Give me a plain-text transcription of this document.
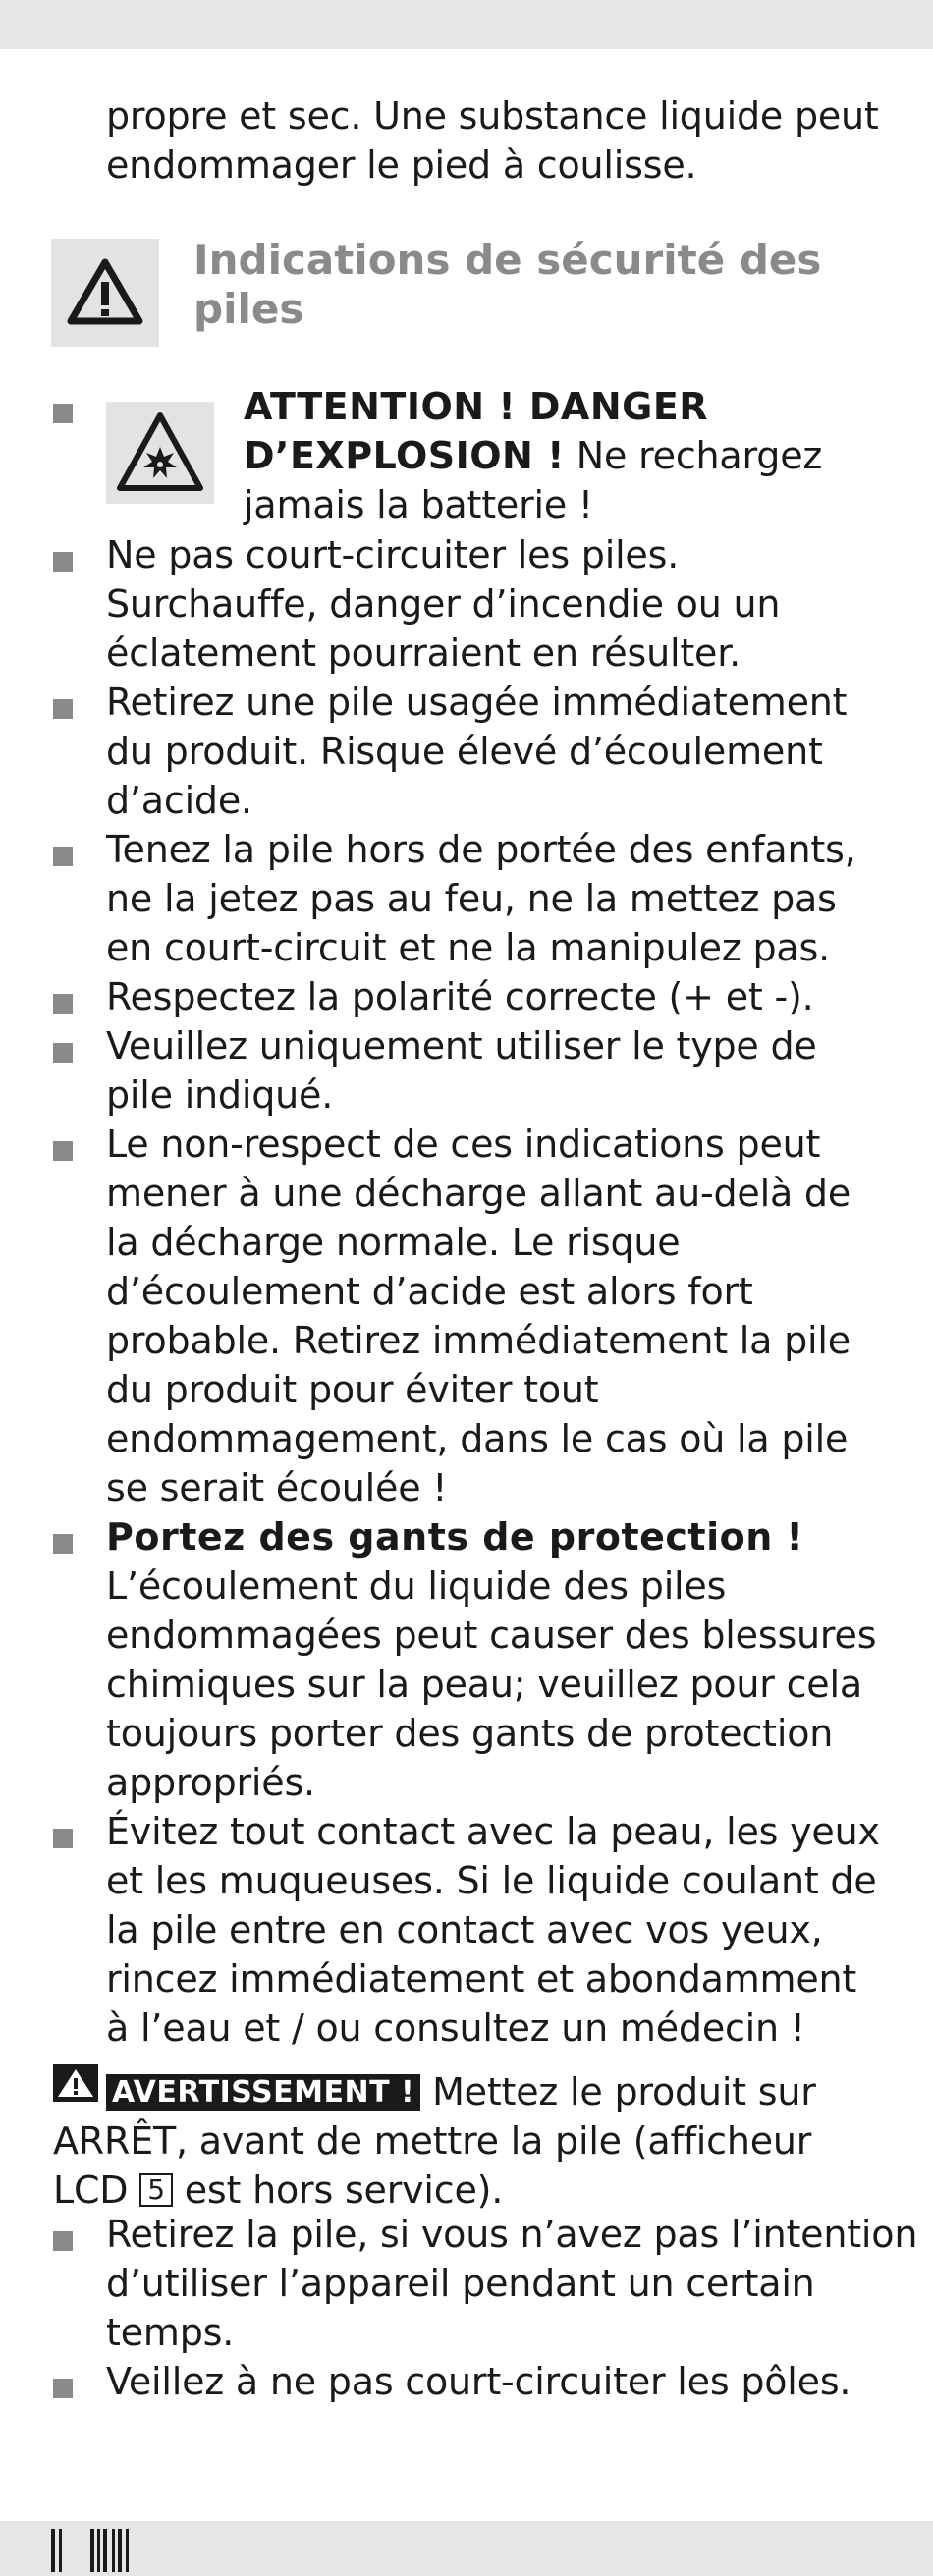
propre et sec. Une substance liquide peut
endommager le pied à coulisse.
Indications de sécurité des
piles
ATTENTION ! DANGER
D’EXPLOSION ! Ne rechargez
jamais la batterie !
Ne pas court-circuiter les piles.
Surchauffe, danger d’incendie ou un
éclatement pourraient en résulter.
Retirez une pile usagée immédiatement
du produit. Risque élevé d’écoulement
d’acide.
Tenez la pile hors de portée des enfants,
ne la jetez pas au feu, ne la mettez pas
en court-circuit et ne la manipulez pas.
Respectez la polarité correcte (+ et -).
Veuillez uniquement utiliser le type de
pile indiqué.
Le non-respect de ces indications peut
mener à une décharge allant au-delà de
la décharge normale. Le risque
d’écoulement d’acide est alors fort
probable. Retirez immédiatement la pile
du produit pour éviter tout
endommagement, dans le cas où la pile
se serait écoulée !
Portez des gants de protection !
L’écoulement du liquide des piles
endommagées peut causer des blessures
chimiques sur la peau; veuillez pour cela
toujours porter des gants de protection
appropriés.
Évitez tout contact avec la peau, les yeux
et les muqueuses. Si le liquide coulant de
la pile entre en contact avec vos yeux,
rincez immédiatement et abondamment
à l’eau et / ou consultez un médecin !
AVERTISSEMENT ! Mettez le produit sur
ARRÊT, avant de mettre la pile (afficheur
LCD 5 est hors service).
Retirez la pile, si vous n’avez pas l’intention
d’utiliser l’appareil pendant un certain
temps.
Veillez à ne pas court-circuiter les pôles.
